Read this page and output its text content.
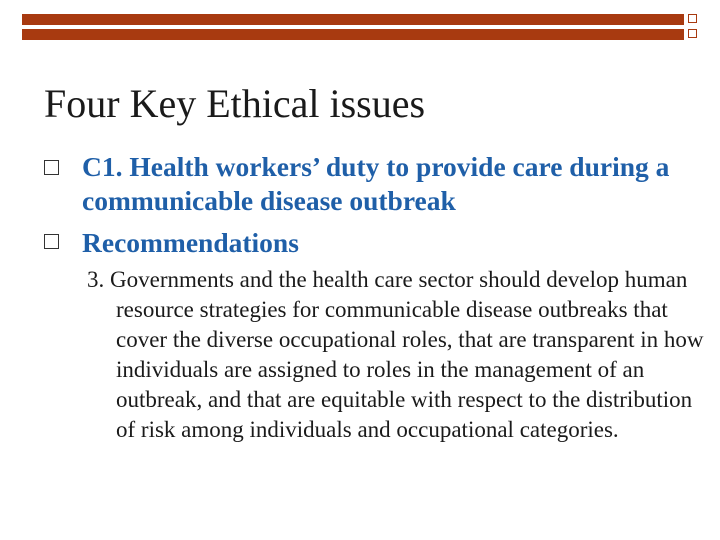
Four Key Ethical issues
C1. Health workers’ duty to provide care during a communicable disease outbreak
Recommendations
3. Governments and the health care sector should develop human resource strategies for communicable disease outbreaks that cover the diverse occupational roles, that are transparent in how individuals are assigned to roles in the management of an outbreak, and that are equitable with respect to the distribution of risk among individuals and occupational categories.
